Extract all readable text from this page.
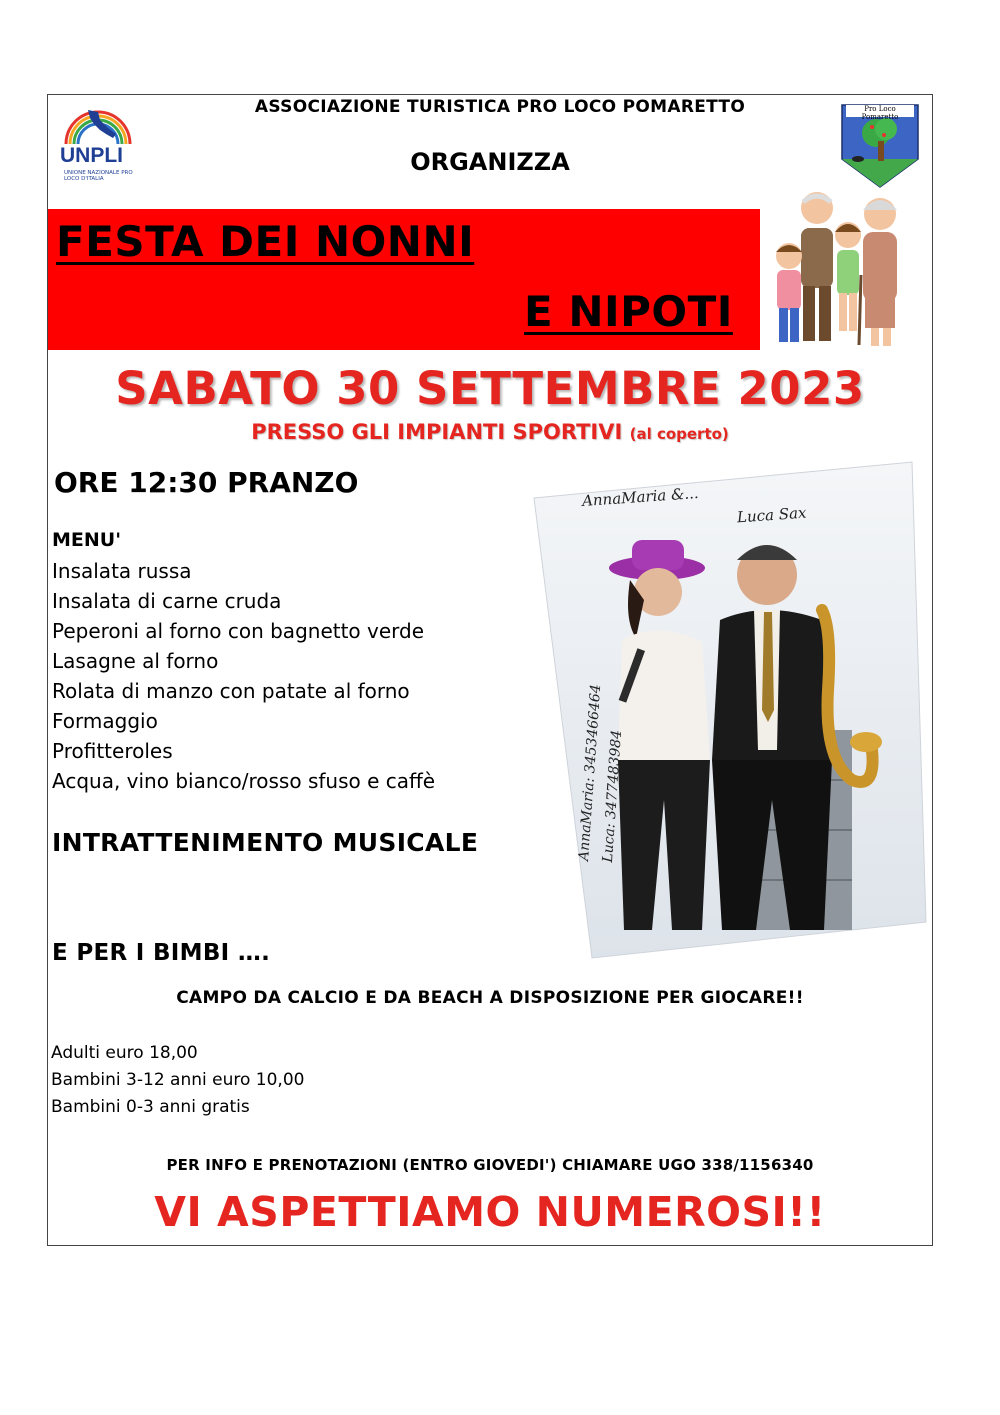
UNPLI
UNIONE NAZIONALE PRO LOCO D'ITALIA
Pro Loco Pomaretto
ASSOCIAZIONE TURISTICA PRO LOCO POMARETTO
ORGANIZZA
FESTA DEI NONNI
E NIPOTI
SABATO 30 SETTEMBRE 2023
PRESSO GLI IMPIANTI SPORTIVI (al coperto)
ORE 12:30 PRANZO
MENU'
Insalata russa
Insalata di carne cruda
Peperoni al forno con bagnetto verde
Lasagne al forno
Rolata di manzo con patate al forno
Formaggio
Profitteroles
Acqua, vino bianco/rosso sfuso e caffè
AnnaMaria &...
Luca Sax
AnnaMaria: 3453466464
Luca: 3477483984
INTRATTENIMENTO MUSICALE
E PER I BIMBI ….
CAMPO DA CALCIO E DA BEACH A DISPOSIZIONE PER GIOCARE!!
Adulti euro 18,00
Bambini 3-12 anni euro 10,00
Bambini 0-3 anni gratis
PER INFO E PRENOTAZIONI (ENTRO GIOVEDI') CHIAMARE UGO 338/1156340
VI ASPETTIAMO NUMEROSI!!
